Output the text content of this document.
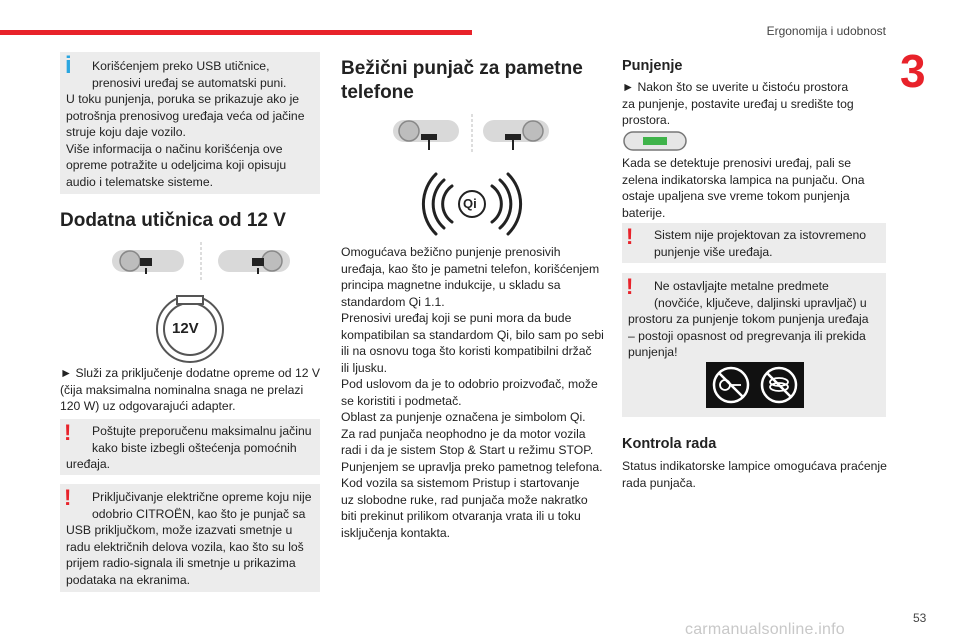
Ergonomija i udobnost
3
i Korišćenjem preko USB utičnice,
prenosivi uređaj se automatski puni.
U toku punjenja, poruka se prikazuje ako je
potrošnja prenosivog uređaja veća od jačine
struje koju daje vozilo.
Više informacija o načinu korišćenja ove
opreme potražite u odeljcima koji opisuju
audio i telematske sisteme.
Dodatna utičnica od 12 V
12V
► Služi za priključenje dodatne opreme od 12 V
(čija maksimalna nominalna snaga ne prelazi
120 W) uz odgovarajući adapter.
! Poštujte preporučenu maksimalnu jačinu
kako biste izbegli oštećenja pomoćnih
uređaja.
! Priključivanje električne opreme koju nije
odobrio CITROËN, kao što je punjač sa
USB priključkom, može izazvati smetnje u
radu električnih delova vozila, kao što su loš
prijem radio-signala ili smetnje u prikazima
podataka na ekranima.
Bežični punjač za pametne
telefone
Qi
Omogućava bežično punjenje prenosivih
uređaja, kao što je pametni telefon, korišćenjem
principa magnetne indukcije, u skladu sa
standardom Qi 1.1.
Prenosivi uređaj koji se puni mora da bude
kompatibilan sa standardom Qi, bilo sam po sebi
ili na osnovu toga što koristi kompatibilni držač
ili ljusku.
Pod uslovom da je to odobrio proizvođač, može
se koristiti i podmetač.
Oblast za punjenje označena je simbolom Qi.
Za rad punjača neophodno je da motor vozila
radi i da je sistem Stop & Start u režimu STOP.
Punjenjem se upravlja preko pametnog telefona.
Kod vozila sa sistemom Pristup i startovanje
uz slobodne ruke, rad punjača može nakratko
biti prekinut prilikom otvaranja vrata ili u toku
isključenja kontakta.
Punjenje
► Nakon što se uverite u čistoću prostora
za punjenje, postavite uređaj u središte tog
prostora.
Kada se detektuje prenosivi uređaj, pali se
zelena indikatorska lampica na punjaču. Ona
ostaje upaljena sve vreme tokom punjenja
baterije.
! Sistem nije projektovan za istovremeno
punjenje više uređaja.
! Ne ostavljajte metalne predmete
(novčiće, ključeve, daljinski upravljač) u
prostoru za punjenje tokom punjenja uređaja
– postoji opasnost od pregrevanja ili prekida
punjenja!
Kontrola rada
Status indikatorske lampice omogućava praćenje
rada punjača.
53
carmanualsonline.info
